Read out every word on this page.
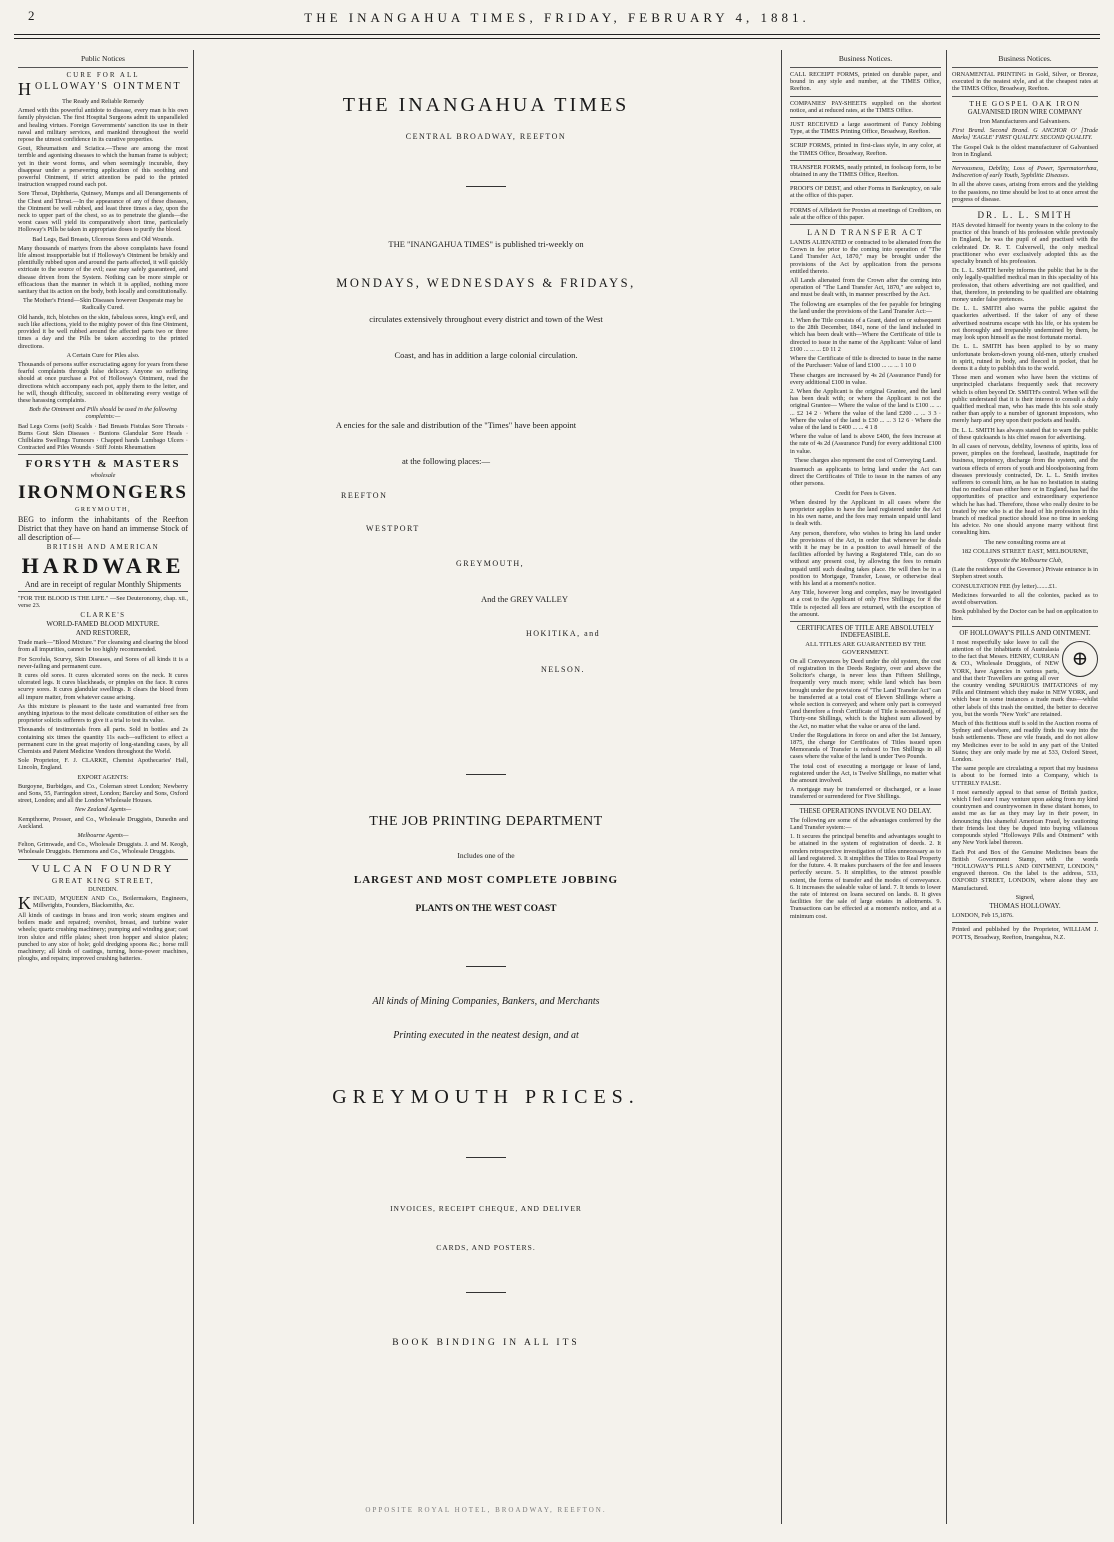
2	THE INANGAHUA TIMES, FRIDAY, FEBRUARY 4, 1881.
Public Notices
CURE FOR ALL
HOLLOWAY'S OINTMENT
The Ready and Reliable Remedy

Armed with this powerful antidote to disease, every man is his own family physician. The first Hospital Surgeons admit its unparalleled and healing virtues. Foreign Governments' sanction its use in their naval and military services, and mankind throughout the world repose the utmost confidence in its curative properties.

Gout, Rheumatism and Sciatica.—These are among the most terrible and agonising diseases to which the human frame is subject; yet in their worst forms, and when seemingly incurable, they disappear under a persevering application of this soothing and powerful Ointment, if strict attention be paid to the printed instruction wrapped round each pot.

Sore Throat, Diphtheria, Quinsey, Mumps and all Derangements of the Chest and Throat.—In the appearance of any of these diseases, the Ointment be well rubbed, and least three times a day, upon the neck to upper part of the chest, so as to penetrate the glands—the worst cases will yield its comparatively short time, particularly Holloway's Pills be taken in appropriate doses to purify the blood.

Bad Legs, Bad Breasts, Ulcerous Sores and Old Wounds.

Many thousands of martyrs from the above complaints have found life almost insupportable but if Holloway's Ointment be briskly and plentifully rubbed upon and around the parts affected, it will quickly extricate to the source of the evil; ease may safely guaranteed, and disease driven from the System. Nothing can be more simple or efficacious than the manner in which it is applied, nothing more sanitary that its action on the body, both locally and constitutionally.

The Mother's Friend—Skin Diseases however Desperate may be Radically Cured.

Old hands, itch, blotches on the skin, fabulous sores, king's evil, and such like affections, yield to the mighty power of this fine Ointment, provided it be well rubbed around the affected parts two or three times a day and the Pills be taken according to the printed directions.

A Certain Cure for Piles also.

Thousands of persons suffer excruciating agony for years from these fearful complaints through false delicacy. Anyone so suffering should at once purchase a Pot of Holloway's Ointment, read the directions which accompany each pot, apply them to the letter, and he will, though difficulty, succeed in obliterating every vestige of these harassing complaints.

Both the Ointment and Pills should be used in the following complaints:—

Bad Legs Corns (soft) Scalds · Bad Breasts Fistulas Sore Throats · Burns Gout Skin Diseases · Bunions Glandular Sore Heads · Chilblains Swellings Tumours · Chapped hands Lumbago Ulcers · Contracted and Piles Wounds · Stiff Joints Rheumatism

FORSYTH & MASTERS
wholesale
IRONMONGERS
GREYMOUTH,

BEG to inform the inhabitants of the Reefton District that they have on hand an immense Stock of all description of—

BRITISH AND AMERICAN
HARDWARE
And are in receipt of regular Monthly Shipments

"FOR THE BLOOD IS THE LIFE." —See Deuteronomy, chap. xii., verse 23.

CLARKE'S
WORLD-FAMED BLOOD MIXTURE.
AND RESTORER,

Trade mark—"Blood Mixture." For cleansing and clearing the blood from all impurities, cannot be too highly recommended.

For Scrofula, Scurvy, Skin Diseases, and Sores of all kinds it is a never-failing and permanent cure.

It cures old sores. It cures ulcerated sores on the neck. It cures ulcerated legs. It cures blackheads, or pimples on the face. It cures scurvy sores. It cures glandular swellings. It clears the blood from all impure matter, from whatever cause arising.

As this mixture is pleasant to the taste and warranted free from anything injurious to the most delicate constitution of either sex the proprietor solicits sufferers to give it a trial to test its value.

Thousands of testimonials from all parts. Sold in bottles and 2s containing six times the quantity 11s each—sufficient to effect a permanent cure in the great majority of long-standing cases, by all Chemists and Patent Medicine Vendors throughout the World.

Sole Proprietor, F. J. CLARKE, Chemist Apothecaries' Hall, Lincoln, England.

EXPORT AGENTS:

Burgoyne, Burbidges, and Co., Coleman street London; Newberry and Sons, 55, Farringdon street, London; Barclay and Sons, Oxford street, London; and all the London Wholesale Houses.

New Zealand Agents—

Kempthorne, Prosser, and Co., Wholesale Druggists, Dunedin and Auckland.

Melbourne Agents—

Felton, Grimwade, and Co., Wholesale Druggists. J. and M. Keogh, Wholesale Druggists. Hemmons and Co., Wholesale Druggists.

VULCAN FOUNDRY
GREAT KING STREET,
DUNEDIN.

KINCAID, M'QUEEN AND Co., Boilermakers, Engineers, Millwrights, Founders, Blacksmiths, &c.

All kinds of castings in brass and iron work; steam engines and boilers made and repaired; overshot, breast, and turbine water wheels; quartz crushing machinery; pumping and winding gear; cast iron sluice and riffle plates; sheet iron hopper and sluice plates; punched to any size of hole; gold dredging spoons &c.; horse mill machinery; all kinds of castings, turning, horse-power machines, ploughs, and repairs; improved crushing batteries.

THE INANGAHUA TIMES
CENTRAL BROADWAY, REEFTON
THE "INANGAHUA TIMES" is published tri-weekly on
MONDAYS, WEDNESDAYS & FRIDAYS,
circulates extensively throughout every district and town of the West
Coast, and has in addition a large colonial circulation.
A encies for the sale and distribution of the "Times" have been appoint
at the following places:—
REEFTON
WESTPORT
GREYMOUTH,
And the GREY VALLEY
HOKITIKA, and
NELSON.
THE JOB PRINTING DEPARTMENT
Includes one of the
LARGEST AND MOST COMPLETE JOBBING
PLANTS ON THE WEST COAST
All kinds of Mining Companies, Bankers, and Merchants
Printing executed in the neatest design, and at
GREYMOUTH PRICES.
INVOICES, RECEIPT CHEQUE, AND DELIVER
CARDS, AND POSTERS.
BOOK BINDING IN ALL ITS
OPPOSITE ROYAL HOTEL, BROADWAY, REEFTON.
Business Notices.

CALL RECEIPT FORMS, printed on durable paper, and bound in any style and number, at the TIMES Office, Reefton.

COMPANIES' PAY-SHEETS supplied on the shortest notice, and at reduced rates, at the TIMES Office.

JUST RECEIVED a large assortment of Fancy Jobbing Type, at the TIMES Printing Office, Broadway, Reefton.

SCRIP FORMS, printed in first-class style, in any color, at the TIMES Office, Broadway, Reefton.

TRANSFER FORMS, neatly printed, in foolscap form, to be obtained in any the TIMES Office, Reefton.

PROOFS OF DEBT, and other Forms in Bankruptcy, on sale at the office of this paper.

FORMS of Affidavit for Proxies at meetings of Creditors, on sale at the office of this paper.

LAND TRANSFER ACT

LANDS ALIENATED or contracted to be alienated from the Crown in fee prior to the coming into operation of "The Land Transfer Act, 1870," may be brought under the provisions of the Act by application from the persons entitled thereto.

All Lands alienated from the Crown after the coming into operation of "The Land Transfer Act, 1870," are subject to, and must be dealt with, in manner prescribed by the Act.

The following are examples of the fee payable for bringing the land under the provisions of the Land Transfer Act:—

1. When the Title consists of a Grant, dated on or subsequent to the 28th December, 1841, none of the land included in which has been dealt with—Where the Certificate of title is directed to issue in the name of the Applicant: Value of land £100 ... ... ... £0 11 2

Where the Certificate of title is directed to issue in the name of the Purchaser: Value of land £100 ... ... ... 1 10 0

These charges are increased by 4s 2d (Assurance Fund) for every additional £100 in value.

2. When the Applicant is the original Grantee, and the land has been dealt with; or where the Applicant is not the original Grantee— Where the value of the land is £100 ... ... ... £2 14 2 · Where the value of the land £200 ... ... 3 3 · Where the value of the land is £30 ... ... 3 12 6 · Where the value of the land is £400 ... ... 4 1 8

Where the value of land is above £400, the fees increase at the rate of 4s 2d (Assurance Fund) for every additional £100 in value.

These charges also represent the cost of Conveying Land.

Inasmuch as applicants to bring land under the Act can direct the Certificates of Title to issue in the names of any other persons.

Credit for Fees is Given.

When desired by the Applicant in all cases where the proprietor applies to have the land registered under the Act in his own name, and the fees may remain unpaid until land is dealt with.

Any person, therefore, who wishes to bring his land under the provisions of the Act, in order that whenever he deals with it he may be in a position to avail himself of the facilities afforded by having a Registered Title, can do so without any present cost, by allowing the fees to remain unpaid until such dealing takes place. He will then be in a position to Mortgage, Transfer, Lease, or otherwise deal with his land at a moment's notice.

Any Title, however long and complex, may be investigated at a cost to the Applicant of only Five Shillings; for if the Title is rejected all fees are returned, with the exception of the amount.

CERTIFICATES OF TITLE ARE ABSOLUTELY INDEFEASIBLE.

ALL TITLES ARE GUARANTEED BY THE GOVERNMENT.

On all Conveyances by Deed under the old system, the cost of registration in the Deeds Registry, over and above the Solicitor's charge, is never less than Fifteen Shillings, frequently very much more; while land which has been brought under the provisions of "The Land Transfer Act" can be transferred at a total cost of Eleven Shillings where a whole section is conveyed; and where only part is conveyed (and therefore a fresh Certificate of Title is necessitated), of Thirty-one Shillings, which is the highest sum allowed by the Act, no matter what the value or area of the land.

Under the Regulations in force on and after the 1st January, 1875, the charge for Certificates of Titles issued upon Memoranda of Transfer is reduced to Ten Shillings in all cases where the value of the land is under Two Pounds.

The total cost of executing a mortgage or lease of land, registered under the Act, is Twelve Shillings, no matter what the amount involved.

A mortgage may be transferred or discharged, or a lease transferred or surrendered for Five Shillings.

THESE OPERATIONS INVOLVE NO DELAY.

The following are some of the advantages conferred by the Land Transfer system:—

1. It secures the principal benefits and advantages sought to be attained in the system of registration of deeds. 2. It renders retrospective investigation of titles unnecessary as to all land registered. 3. It simplifies the Titles to Real Property for the future. 4. It makes purchasers of the fee and lessees perfectly secure. 5. It simplifies, to the utmost possible extent, the forms of transfer and the modes of conveyance. 6. It increases the saleable value of land. 7. It tends to lower the rate of interest on loans secured on lands. 8. It gives facilities for the sale of large estates in allotments. 9. Transactions can be effected at a moment's notice, and at a minimum cost.

Business Notices.

ORNAMENTAL PRINTING in Gold, Silver, or Bronze, executed in the neatest style, and at the cheapest rates at the TIMES Office, Broadway, Reefton.

THE GOSPEL OAK IRON
GALVANISED IRON WIRE COMPANY
Iron Manufacturers and Galvanisers.

First Brand. Second Brand. G ANCHOR O' [Trade Marks] 'EAGLE' FIRST QUALITY. SECOND QUALITY.

The Gospel Oak is the oldest manufacturer of Galvanised Iron in England.

Nervousness, Debility, Loss of Power, Spermatorrhœa, Indiscretion of early Youth, Syphilitic Diseases.

In all the above cases, arising from errors and the yielding to the passions, no time should be lost to at once arrest the progress of disease.

DR. L. L. SMITH

HAS devoted himself for twenty years in the colony to the practice of this branch of his profession while previously in England, he was the pupil of and practised with the celebrated Dr. R. T. Culverwell, the only medical practitioner who ever exclusively adopted this as the specialty branch of his profession.

Dr. L. L. SMITH hereby informs the public that he is the only legally-qualified medical man in this speciality of his profession, that others advertising are not qualified, and that, therefore, in pretending to be qualified are obtaining money under false pretences.

Dr. L. L. SMITH also warns the public against the quackeries advertised. If the taker of any of these advertised nostrums escape with his life, or his system be not thoroughly and irreparably undermined by them, he may look upon himself as the most fortunate mortal.

Dr. L. L. SMITH has been applied to by so many unfortunate broken-down young old-men, utterly crushed in spirit, ruined in body, and fleeced in pocket, that he deems it a duty to publish this to the world.

Those men and women who have been the victims of unprincipled charlatans frequently seek that recovery which is often beyond Dr. SMITH's control. When will the public understand that it is their interest to consult a duly qualified medical man, who has made this his sole study rather than apply to a number of ignorant impostors, who merely harp and prey upon their pockets and health.

Dr. L. L. SMITH has always stated that to warn the public of these quicksands is his chief reason for advertising.

In all cases of nervous, debility, lowness of spirits, loss of power, pimples on the forehead, lassitude, inaptitude for business, impotency, discharge from the system, and the various effects of errors of youth and bloodpoisoning from diseases previously contracted, Dr. L. L. Smith invites sufferers to consult him, as he has no hesitation in stating that no medical man either here or in England, has had the opportunities of practice and extraordinary experience which he has had. Therefore, those who really desire to be treated by one who is at the head of his profession in this branch of medical practice should lose no time in seeking his advice. No one should anyone marry without first consulting him.

The new consulting rooms are at

182 COLLINS STREET EAST, MELBOURNE,

Opposite the Melbourne Club,

(Late the residence of the Governor.) Private entrance is in Stephen street south.

CONSULTATION FEE (by letter)........£1.

Medicines forwarded to all the colonies, packed as to avoid observation.

Book published by the Doctor can be had on application to him.

OF HOLLOWAY'S PILLS AND OINTMENT.

⊕

I most respectfully take leave to call the attention of the inhabitants of Australasia to the fact that Messrs. HENRY, CURRAN & CO., Wholesale Druggists, of NEW YORK, have Agencies in various parts, and that their Travellers are going all over the country vending SPURIOUS IMITATIONS of my Pills and Ointment which they make in NEW YORK, and which bear in some instances a trade mark thus—whilst other labels of this trash the omitted, the better to deceive you, but the words "New York" are retained.

Much of this fictitious stuff is sold in the Auction rooms of Sydney and elsewhere, and readily finds its way into the bush settlements. These are vile frauds, and do not allow my Medicines ever to be sold in any part of the United States; they are only made by me at 533, Oxford Street, London.

The same people are circulating a report that my business is about to be formed into a Company, which is UTTERLY FALSE.

I most earnestly appeal to that sense of British justice, which I feel sure I may venture upon asking from my kind countrymen and countrywomen in these distant homes, to assist me as far as they may lay in their power, in denouncing this shameful American Fraud, by cautioning their friends lest they be duped into buying villainous compounds styled "Holloways Pills and Ointment" with any New York label thereon.

Each Pot and Box of the Genuine Medicines bears the British Government Stamp, with the words "HOLLOWAY'S PILLS AND OINTMENT, LONDON," engraved thereon. On the label is the address, 533, OXFORD STREET, LONDON, where alone they are Manufactured.

Signed,

THOMAS HOLLOWAY.

LONDON, Feb 15,1876.

Printed and published by the Proprietor, WILLIAM J. POTTS, Broadway, Reefton, Inangahua, N.Z.
